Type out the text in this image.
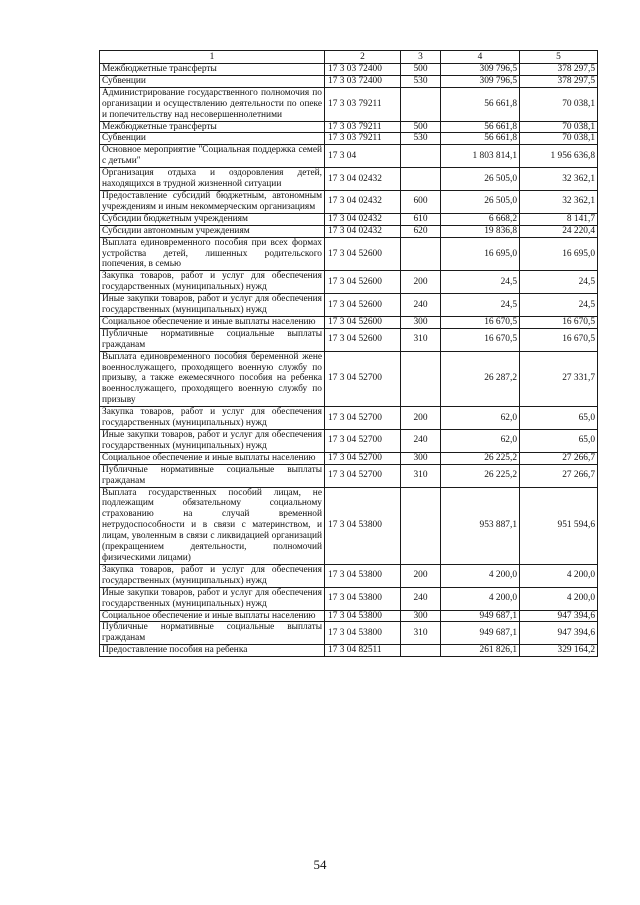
1	2	3	4	5
Межбюджетные трансферты	17 3 03 72400	500	309 796,5	378 297,5
Субвенции	17 3 03 72400	530	309 796,5	378 297,5
Администрирование государственного полномочия по организации и осуществлению деятельности по опеке и попечительству над несовершеннолетними	17 3 03 79211		56 661,8	70 038,1
Межбюджетные трансферты	17 3 03 79211	500	56 661,8	70 038,1
Субвенции	17 3 03 79211	530	56 661,8	70 038,1
Основное мероприятие "Социальная поддержка семей с детьми"	17 3 04		1 803 814,1	1 956 636,8
Организация отдыха и оздоровления детей, находящихся в трудной жизненной ситуации	17 3 04 02432		26 505,0	32 362,1
Предоставление субсидий бюджетным, автономным учреждениям и иным некоммерческим организациям	17 3 04 02432	600	26 505,0	32 362,1
Субсидии бюджетным учреждениям	17 3 04 02432	610	6 668,2	8 141,7
Субсидии автономным учреждениям	17 3 04 02432	620	19 836,8	24 220,4
Выплата единовременного пособия при всех формах устройства детей, лишенных родительского попечения, в семью	17 3 04 52600		16 695,0	16 695,0
Закупка товаров, работ и услуг для обеспечения государственных (муниципальных) нужд	17 3 04 52600	200	24,5	24,5
Иные закупки товаров, работ и услуг для обеспечения государственных (муниципальных) нужд	17 3 04 52600	240	24,5	24,5
Социальное обеспечение и иные выплаты населению	17 3 04 52600	300	16 670,5	16 670,5
Публичные нормативные социальные выплаты гражданам	17 3 04 52600	310	16 670,5	16 670,5
Выплата единовременного пособия беременной жене военнослужащего, проходящего военную службу по призыву, а также ежемесячного пособия на ребенка военнослужащего, проходящего военную службу по призыву	17 3 04 52700		26 287,2	27 331,7
Закупка товаров, работ и услуг для обеспечения государственных (муниципальных) нужд	17 3 04 52700	200	62,0	65,0
Иные закупки товаров, работ и услуг для обеспечения государственных (муниципальных) нужд	17 3 04 52700	240	62,0	65,0
Социальное обеспечение и иные выплаты населению	17 3 04 52700	300	26 225,2	27 266,7
Публичные нормативные социальные выплаты гражданам	17 3 04 52700	310	26 225,2	27 266,7
Выплата государственных пособий лицам, не подлежащим обязательному социальному страхованию на случай временной нетрудоспособности и в связи с материнством, и лицам, уволенным в связи с ликвидацией организаций (прекращением деятельности, полномочий физическими лицами)	17 3 04 53800		953 887,1	951 594,6
Закупка товаров, работ и услуг для обеспечения государственных (муниципальных) нужд	17 3 04 53800	200	4 200,0	4 200,0
Иные закупки товаров, работ и услуг для обеспечения государственных (муниципальных) нужд	17 3 04 53800	240	4 200,0	4 200,0
Социальное обеспечение и иные выплаты населению	17 3 04 53800	300	949 687,1	947 394,6
Публичные нормативные социальные выплаты гражданам	17 3 04 53800	310	949 687,1	947 394,6
Предоставление пособия на ребенка	17 3 04 82511		261 826,1	329 164,2
54
